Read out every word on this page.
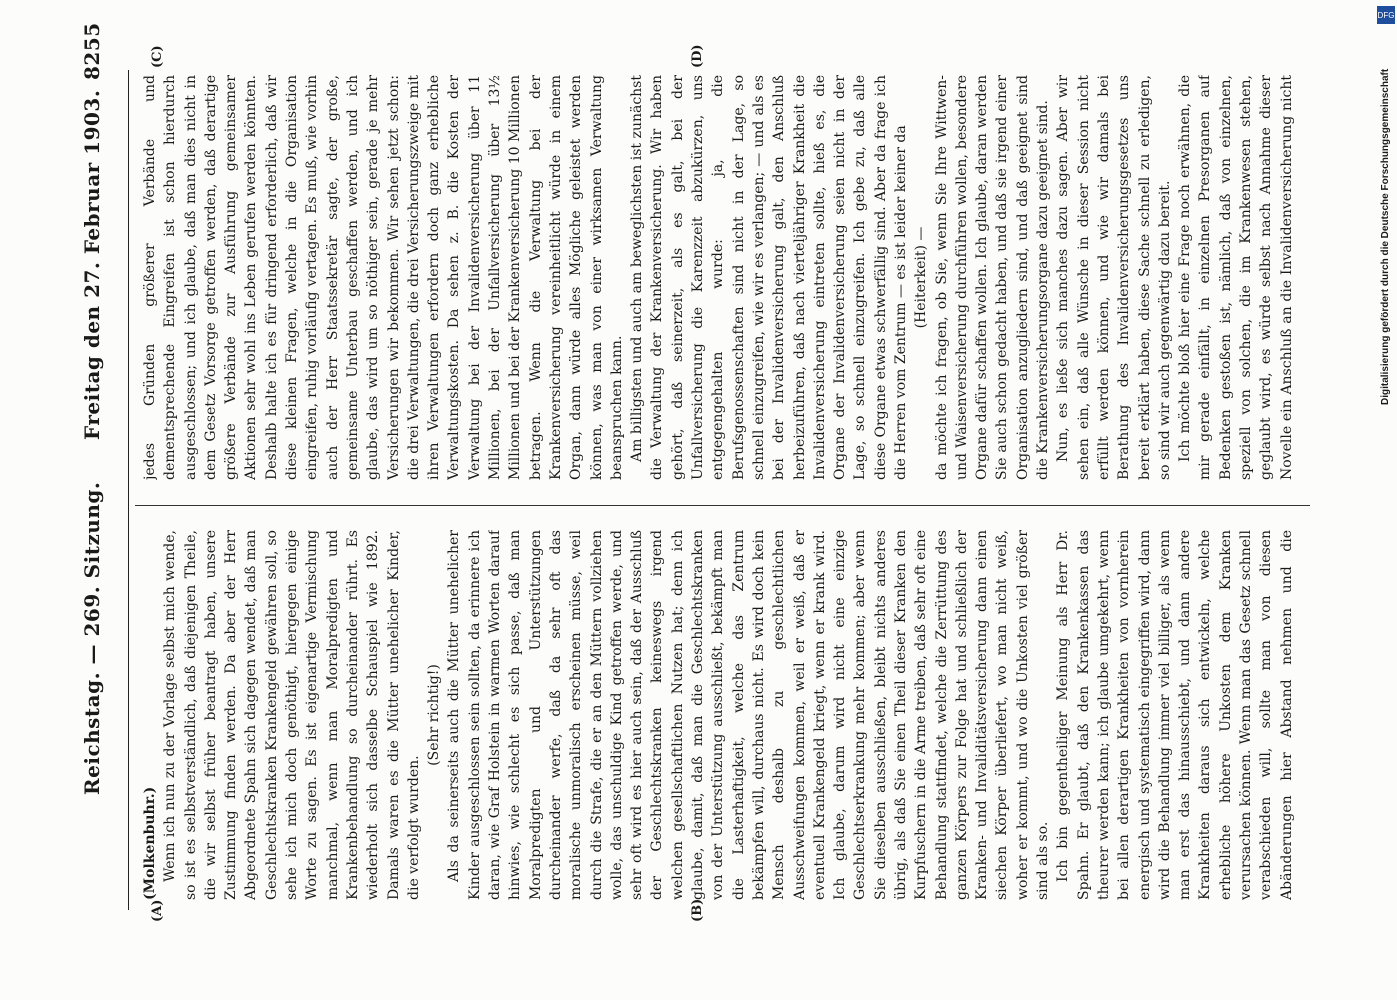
Reichstag. — 269. Sitzung.
Freitag den 27. Februar 1903.
8255
(A)	(B)
(C)	(D)
(Molkenbuhr.) Wenn ich nun zu der Vorlage selbst mich wende, so ist es selbstverständlich, daß diejenigen Theile, die wir selbst früher beantragt haben, unsere Zustimmung finden werden. Da aber der Herr Abgeordnete Spahn sich dagegen wendet, daß man Geschlechtskranken Krankengeld gewähren soll, so sehe ich mich doch genöthigt, hiergegen einige Worte zu sagen. Es ist eigenartige Vermischung manchmal, wenn man Moralpredigten und Krankenbehandlung so durcheinander rührt. Es wiederholt sich dasselbe Schauspiel wie 1892. Damals waren es die Mütter unehelicher Kinder, die verfolgt wurden.

(Sehr richtig!) Als da seinerseits auch die Mütter unehelicher Kinder ausgeschlossen sein sollten, da erinnere ich daran, wie Graf Holstein in warmen Worten darauf hinwies, wie schlecht es sich passe, daß man Moralpredigten und Unterstützungen durcheinander werfe, daß da sehr oft das moralische unmoralisch erscheinen müsse, weil durch die Strafe, die er an den Müttern vollziehen wolle, das unschuldige Kind getroffen werde, und sehr oft wird es hier auch sein, daß der Ausschluß der Geschlechtskranken keineswegs irgend welchen gesellschaftlichen Nutzen hat; denn ich glaube, damit, daß man die Geschlechtskranken von der Unterstützung ausschließt, bekämpft man die Lasterhaftigkeit, welche das Zentrum bekämpfen will, durchaus nicht. Es wird doch kein Mensch deshalb zu geschlechtlichen Ausschweifungen kommen, weil er weiß, daß er eventuell Krankengeld kriegt, wenn er krank wird. Ich glaube, darum wird nicht eine einzige Geschlechtserkrankung mehr kommen; aber wenn Sie dieselben ausschließen, bleibt nichts anderes übrig, als daß Sie einen Theil dieser Kranken den Kurpfuschern in die Arme treiben, daß sehr oft eine Behandlung stattfindet, welche die Zerrüttung des ganzen Körpers zur Folge hat und schließlich der Kranken- und Invaliditätsversicherung dann einen siechen Körper überliefert, wo man nicht weiß, woher er kommt, und wo die Unkosten viel größer sind als so. Ich bin gegentheiliger Meinung als Herr Dr. Spahn. Er glaubt, daß den Krankenkassen das theurer werden kann; ich glaube umgekehrt, wenn bei allen derartigen Krankheiten von vornherein energisch und systematisch eingegriffen wird, dann wird die Behandlung immer viel billiger, als wenn man erst das hinausschiebt, und dann andere Krankheiten daraus sich entwickeln, welche erhebliche höhere Unkosten dem Kranken verursachen können. Wenn man das Gesetz schnell verabschieden will, sollte man von diesen Abänderungen hier Abstand nehmen und die

jedes Gründen größerer Verbände und dementsprechende Eingreifen ist schon hierdurch ausgeschlossen; und ich glaube, daß man dies nicht in dem Gesetz Vorsorge getroffen werden, daß derartige größere Verbände zur Ausführung gemeinsamer Aktionen sehr wohl ins Leben gerufen werden könnten. Deshalb halte ich es für dringend erforderlich, daß wir diese kleinen Fragen, welche in die Organisation eingreifen, ruhig vorläufig vertagen. Es muß, wie vorhin auch der Herr Staatssekretär sagte, der große, gemeinsame Unterbau geschaffen werden, und ich glaube, das wird um so nöthiger sein, gerade je mehr Versicherungen wir bekommen. Wir sehen jetzt schon: die drei Verwaltungen, die drei Versicherungszweige mit ihren Verwaltungen erfordern doch ganz erhebliche Verwaltungskosten. Da sehen z. B. die Kosten der Verwaltung bei der Invalidenversicherung über 11 Millionen, bei der Unfallversicherung über 13½ Millionen und bei der Krankenversicherung 10 Millionen betragen. Wenn die Verwaltung bei der Krankenversicherung vereinheitlicht würde in einem Organ, dann würde alles Mögliche geleistet werden können, was man von einer wirksamen Verwaltung beanspruchen kann. Am billigsten und auch am beweglichsten ist zunächst die Verwaltung der Krankenversicherung. Wir haben gehört, daß seinerzeit, als es galt, bei der Unfallversicherung die Karenzzeit abzukürzen, uns entgegengehalten wurde: ja, die Berufsgenossenschaften sind nicht in der Lage, so schnell einzugreifen, wie wir es verlangen; — und als es bei der Invalidenversicherung galt, den Anschluß herbeizuführen, daß nach vierteljähriger Krankheit die Invalidenversicherung eintreten sollte, hieß es, die Organe der Invalidenversicherung seien nicht in der Lage, so schnell einzugreifen. Ich gebe zu, daß alle diese Organe etwas schwerfällig sind. Aber da frage ich die Herren vom Zentrum — es ist leider keiner da (Heiterkeit) — da möchte ich fragen, ob Sie, wenn Sie Ihre Wittwen- und Waisenversicherung durchführen wollen, besondere Organe dafür schaffen wollen. Ich glaube, daran werden Sie auch schon gedacht haben, und daß sie irgend einer Organisation anzugliedern sind, und daß geeignet sind die Krankenversicherungsorgane dazu geeignet sind. Nun, es ließe sich manches dazu sagen. Aber wir sehen ein, daß alle Wünsche in dieser Session nicht erfüllt werden können, und wie wir damals bei Berathung des Invalidenversicherungsgesetzes uns bereit erklärt haben, diese Sache schnell zu erledigen, so sind wir auch gegenwärtig dazu bereit. Ich möchte bloß hier eine Frage noch erwähnen, die mir gerade einfällt, in einzelnen Presorganen auf Bedenken gestoßen ist, nämlich, daß von einzelnen, speziell von solchen, die im Krankenwesen stehen, geglaubt wird, es würde selbst nach Annahme dieser Novelle ein Anschluß an die Invalidenversicherung nicht

DFG
Digitalisierung gefördert durch die Deutsche Forschungsgemeinschaft
